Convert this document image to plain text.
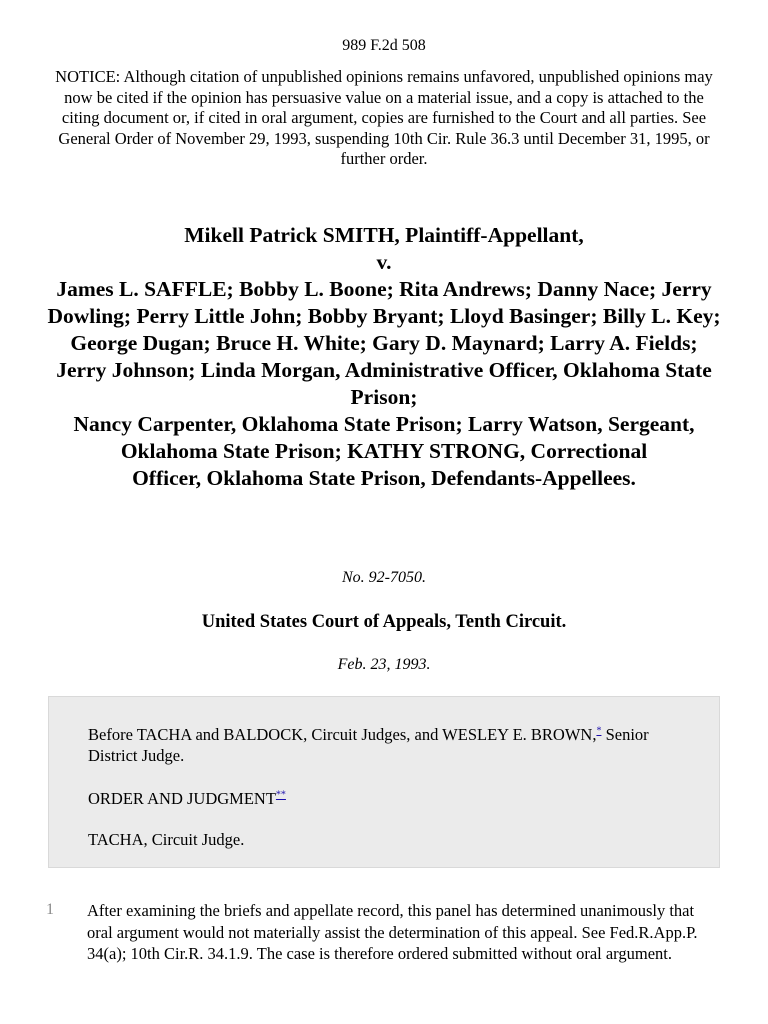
989 F.2d 508
NOTICE: Although citation of unpublished opinions remains unfavored, unpublished opinions may now be cited if the opinion has persuasive value on a material issue, and a copy is attached to the citing document or, if cited in oral argument, copies are furnished to the Court and all parties. See General Order of November 29, 1993, suspending 10th Cir. Rule 36.3 until December 31, 1995, or further order.
Mikell Patrick SMITH, Plaintiff-Appellant,
v.
James L. SAFFLE; Bobby L. Boone; Rita Andrews; Danny Nace; Jerry Dowling; Perry Little John; Bobby Bryant; Lloyd Basinger; Billy L. Key; George Dugan; Bruce H. White; Gary D. Maynard; Larry A. Fields; Jerry Johnson; Linda Morgan, Administrative Officer, Oklahoma State Prison;
Nancy Carpenter, Oklahoma State Prison; Larry Watson, Sergeant, Oklahoma State Prison; KATHY STRONG, Correctional
Officer, Oklahoma State Prison, Defendants-Appellees.
No. 92-7050.
United States Court of Appeals, Tenth Circuit.
Feb. 23, 1993.

Before TACHA and BALDOCK, Circuit Judges, and WESLEY E. BROWN,* Senior District Judge.

ORDER AND JUDGMENT**

TACHA, Circuit Judge.

1 After examining the briefs and appellate record, this panel has determined unanimously that oral argument would not materially assist the determination of this appeal. See Fed.R.App.P. 34(a); 10th Cir.R. 34.1.9. The case is therefore ordered submitted without oral argument.
